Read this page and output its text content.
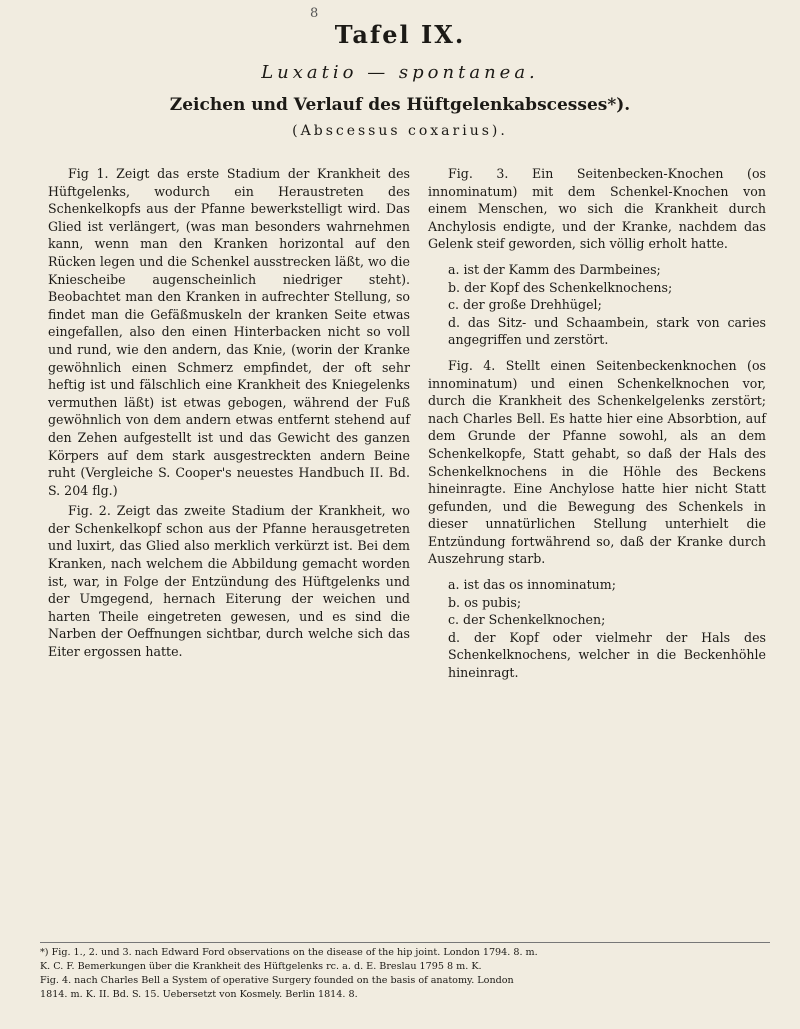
8
Tafel IX.
Luxatio — spontanea.
Zeichen und Verlauf des Hüftgelenkabscesses*).
(Abscessus coxarius).

Fig 1. Zeigt das erste Stadium der Krankheit des Hüftgelenks, wodurch ein Heraustreten des Schenkelkopfs aus der Pfanne bewerkstelligt wird. Das Glied ist verlängert, (was man besonders wahrnehmen kann, wenn man den Kranken horizontal auf den Rücken legen und die Schenkel ausstrecken läßt, wo die Kniescheibe augenscheinlich niedriger steht). Beobachtet man den Kranken in aufrechter Stellung, so findet man die Gefäßmuskeln der kranken Seite etwas eingefallen, also den einen Hinterbacken nicht so voll und rund, wie den andern, das Knie, (worin der Kranke gewöhnlich einen Schmerz empfindet, der oft sehr heftig ist und fälschlich eine Krankheit des Kniegelenks vermuthen läßt) ist etwas gebogen, während der Fuß gewöhnlich von dem andern etwas entfernt stehend auf den Zehen aufgestellt ist und das Gewicht des ganzen Körpers auf dem stark ausgestreckten andern Beine ruht (Vergleiche S. Cooper's neuestes Handbuch II. Bd. S. 204 flg.)

Fig. 2. Zeigt das zweite Stadium der Krankheit, wo der Schenkelkopf schon aus der Pfanne herausgetreten und luxirt, das Glied also merklich verkürzt ist. Bei dem Kranken, nach welchem die Abbildung gemacht worden ist, war, in Folge der Entzündung des Hüftgelenks und der Umgegend, hernach Eiterung der weichen und harten Theile eingetreten gewesen, und es sind die Narben der Oeffnungen sichtbar, durch welche sich das Eiter ergossen hatte.

Fig. 3. Ein Seitenbecken-Knochen (os innominatum) mit dem Schenkel-Knochen von einem Menschen, wo sich die Krankheit durch Anchylosis endigte, und der Kranke, nachdem das Gelenk steif geworden, sich völlig erholt hatte.

a. ist der Kamm des Darmbeines;
b. der Kopf des Schenkelknochens;
c. der große Drehhügel;
d. das Sitz- und Schaambein, stark von caries angegriffen und zerstört.

Fig. 4. Stellt einen Seitenbeckenknochen (os innominatum) und einen Schenkelknochen vor, durch die Krankheit des Schenkelgelenks zerstört; nach Charles Bell. Es hatte hier eine Absorbtion, auf dem Grunde der Pfanne sowohl, als an dem Schenkelkopfe, Statt gehabt, so daß der Hals des Schenkelknochens in die Höhle des Beckens hineinragte. Eine Anchylose hatte hier nicht Statt gefunden, und die Bewegung des Schenkels in dieser unnatürlichen Stellung unterhielt die Entzündung fortwährend so, daß der Kranke durch Auszehrung starb.

a. ist das os innominatum;
b. os pubis;
c. der Schenkelknochen;
d. der Kopf oder vielmehr der Hals des Schenkelknochens, welcher in die Beckenhöhle hineinragt.
*) Fig. 1., 2. und 3. nach Edward Ford observations on the disease of the hip joint. London 1794. 8. m.
K. C. F. Bemerkungen über die Krankheit des Hüftgelenks rc. a. d. E. Breslau 1795 8 m. K.
Fig. 4. nach Charles Bell a System of operative Surgery founded on the basis of anatomy. London
1814. m. K. II. Bd. S. 15. Uebersetzt von Kosmely. Berlin 1814. 8.
